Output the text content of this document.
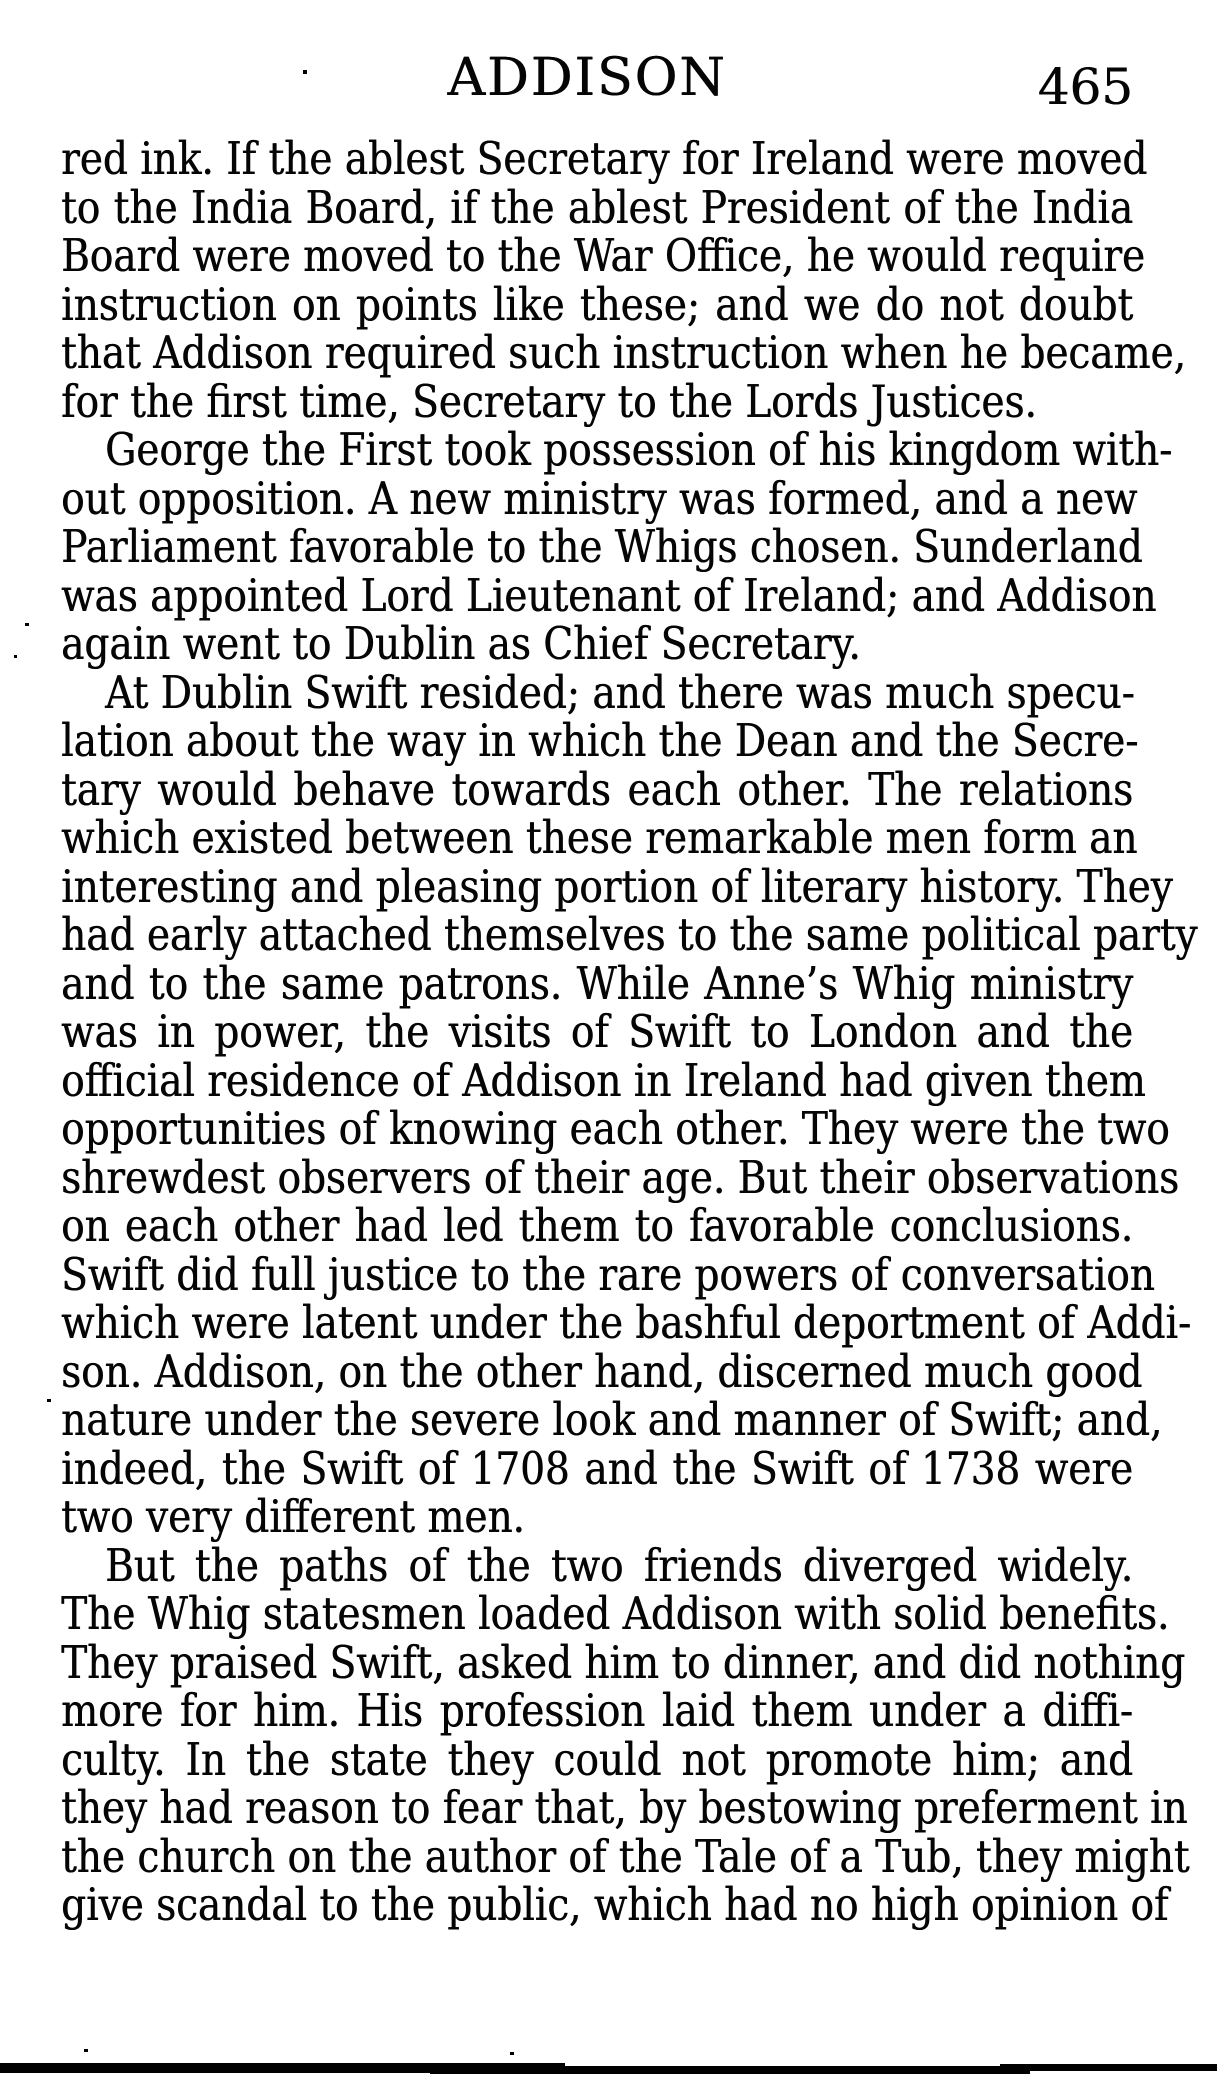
ADDISON	465
red ink. If the ablest Secretary for Ireland were moved
to the India Board, if the ablest President of the India
Board were moved to the War Office, he would require
instruction on points like these; and we do not doubt
that Addison required such instruction when he became,
for the first time, Secretary to the Lords Justices.
George the First took possession of his kingdom with-
out opposition. A new ministry was formed, and a new
Parliament favorable to the Whigs chosen. Sunderland
was appointed Lord Lieutenant of Ireland; and Addison
again went to Dublin as Chief Secretary.
At Dublin Swift resided; and there was much specu-
lation about the way in which the Dean and the Secre-
tary would behave towards each other. The relations
which existed between these remarkable men form an
interesting and pleasing portion of literary history. They
had early attached themselves to the same political party
and to the same patrons. While Anne’s Whig ministry
was in power, the visits of Swift to London and the
official residence of Addison in Ireland had given them
opportunities of knowing each other. They were the two
shrewdest observers of their age. But their observations
on each other had led them to favorable conclusions.
Swift did full justice to the rare powers of conversation
which were latent under the bashful deportment of Addi-
son. Addison, on the other hand, discerned much good
nature under the severe look and manner of Swift; and,
indeed, the Swift of 1708 and the Swift of 1738 were
two very different men.
But the paths of the two friends diverged widely.
The Whig statesmen loaded Addison with solid benefits.
They praised Swift, asked him to dinner, and did nothing
more for him. His profession laid them under a diffi-
culty. In the state they could not promote him; and
they had reason to fear that, by bestowing preferment in
the church on the author of the Tale of a Tub, they might
give scandal to the public, which had no high opinion of
